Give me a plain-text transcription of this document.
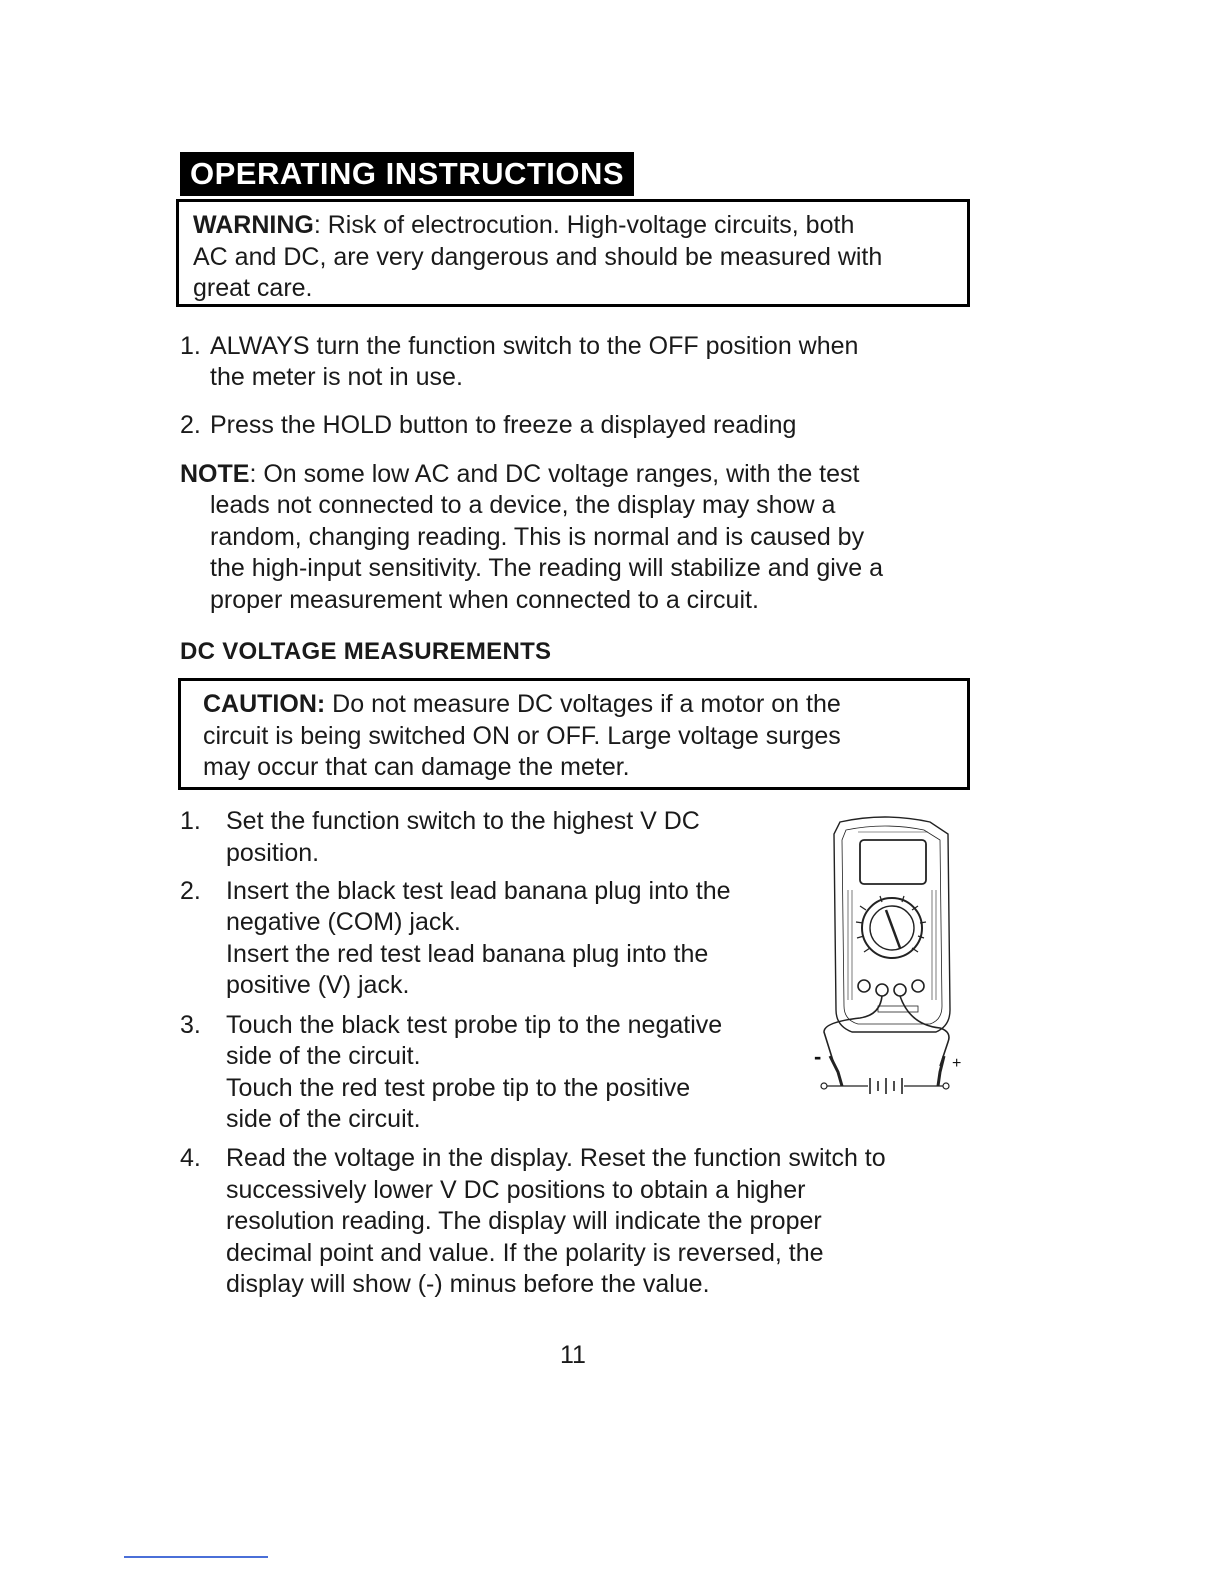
OPERATING INSTRUCTIONS
WARNING: Risk of electrocution. High-voltage circuits, both
AC and DC, are very dangerous and should be measured with
great care.
1. ALWAYS turn the function switch to the OFF position when
the meter is not in use.
2. Press the HOLD button to freeze a displayed reading
NOTE: On some low AC and DC voltage ranges, with the test
leads not connected to a device, the display may show a
random, changing reading. This is normal and is caused by
the high-input sensitivity. The reading will stabilize and give a
proper measurement when connected to a circuit.
DC VOLTAGE MEASUREMENTS
CAUTION: Do not measure DC voltages if a motor on the
circuit is being switched ON or OFF. Large voltage surges
may occur that can damage the meter.
1. Set the function switch to the highest V DC
position.
2. Insert the black test lead banana plug into the
negative (COM) jack.
Insert the red test lead banana plug into the
positive (V) jack.
3. Touch the black test probe tip to the negative
side of the circuit.
Touch the red test probe tip to the positive
side of the circuit.
4. Read the voltage in the display. Reset the function switch to
successively lower V DC positions to obtain a higher
resolution reading. The display will indicate the proper
decimal point and value. If the polarity is reversed, the
display will show (-) minus before the value.
-	+
11
